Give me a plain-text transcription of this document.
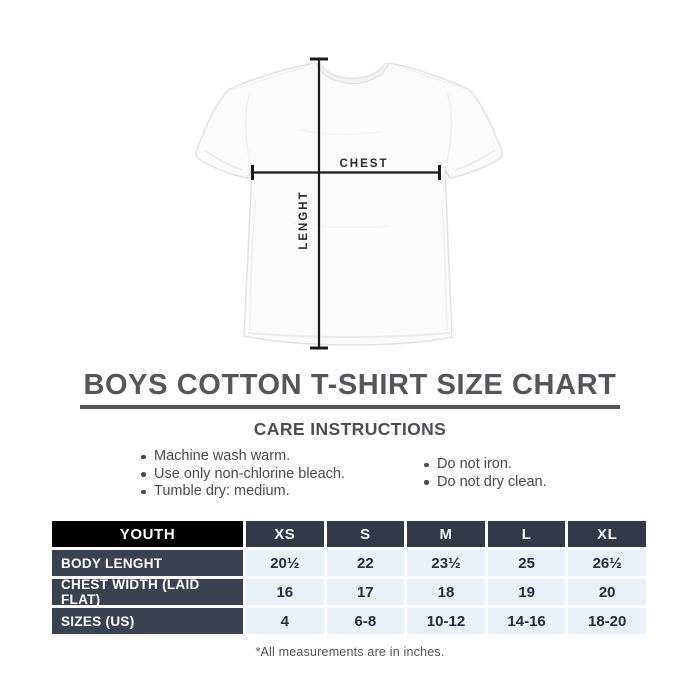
CHEST
LENGHT
BOYS COTTON T-SHIRT SIZE CHART
CARE INSTRUCTIONS
Machine wash warm.
Use only non-chlorine bleach.
Tumble dry: medium.
Do not iron.
Do not dry clean.
YOUTH	XS	S	M	L	XL
BODY LENGHT	20½	22	23½	25	26½
CHEST WIDTH (LAID FLAT)	16	17	18	19	20
SIZES (US)	4	6-8	10-12	14-16	18-20
*All measurements are in inches.
